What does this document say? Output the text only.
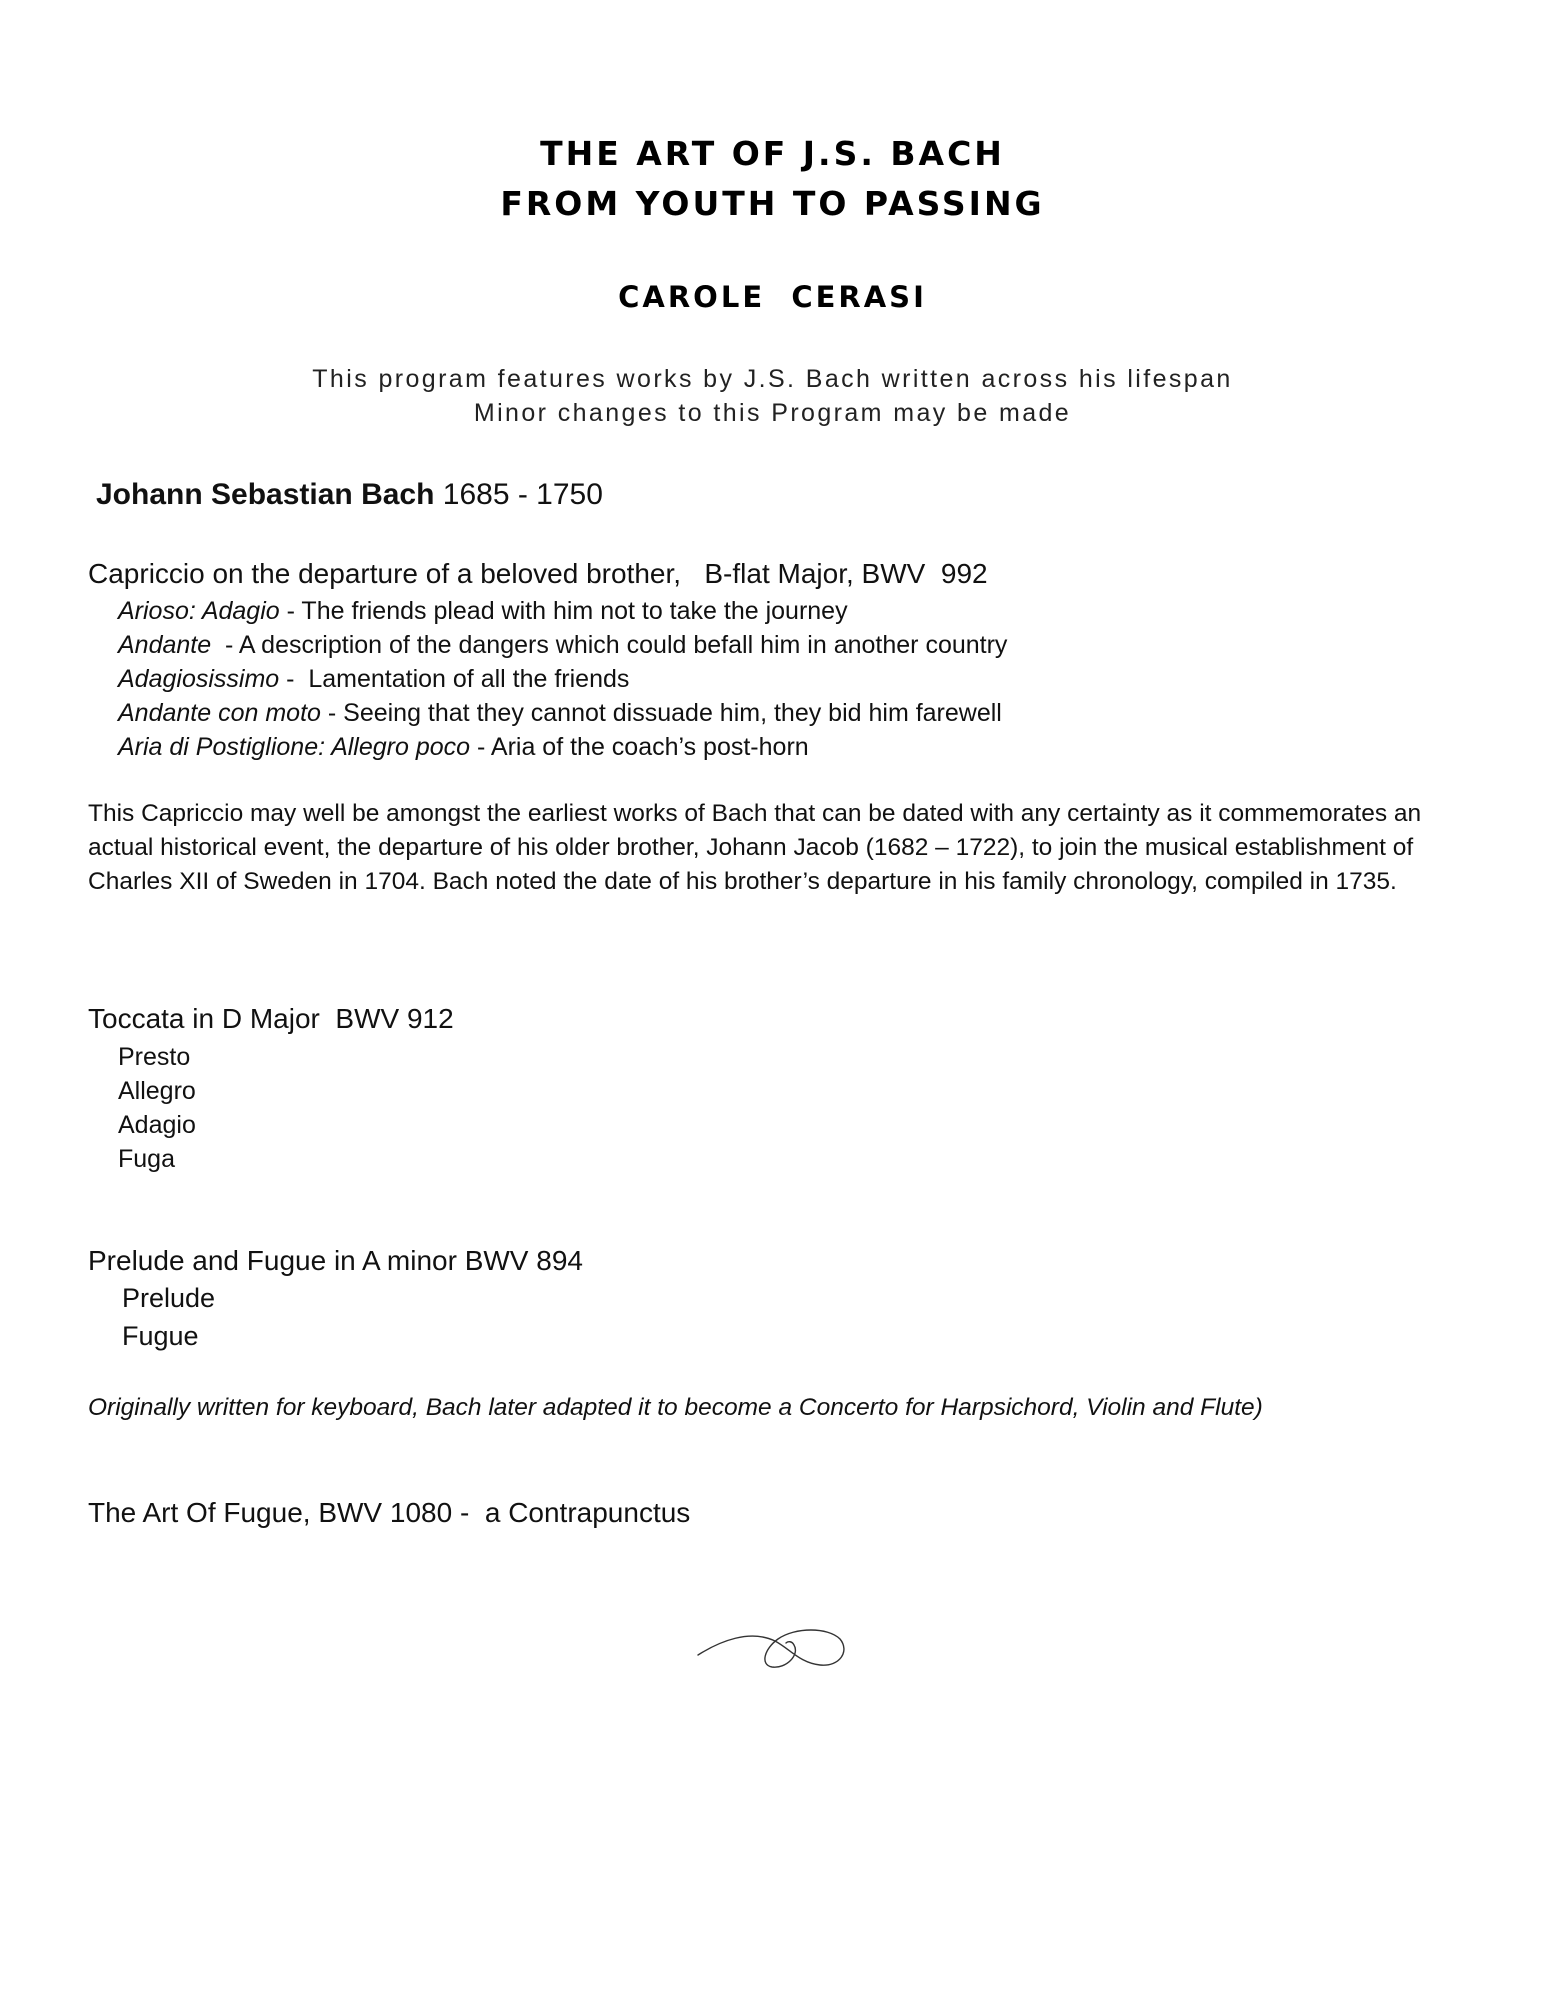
THE ART OF J.S. BACH
FROM YOUTH TO PASSING
CAROLE  CERASI
This program features works by J.S. Bach written across his lifespan
Minor changes to this Program may be made
Johann Sebastian Bach 1685 - 1750
Capriccio on the departure of a beloved brother,   B-flat Major, BWV  992
Arioso: Adagio - The friends plead with him not to take the journey
Andante  - A description of the dangers which could befall him in another country
Adagiosissimo -  Lamentation of all the friends
Andante con moto - Seeing that they cannot dissuade him, they bid him farewell
Aria di Postiglione: Allegro poco - Aria of the coach’s post-horn
This Capriccio may well be amongst the earliest works of Bach that can be dated with any certainty as it commemorates an actual historical event, the departure of his older brother, Johann Jacob (1682 – 1722), to join the musical establishment of Charles XII of Sweden in 1704. Bach noted the date of his brother’s departure in his family chronology, compiled in 1735.
Toccata in D Major  BWV 912
Presto
Allegro
Adagio
Fuga
Prelude and Fugue in A minor BWV 894
Prelude
Fugue
Originally written for keyboard, Bach later adapted it to become a Concerto for Harpsichord, Violin and Flute)
The Art Of Fugue, BWV 1080 -  a Contrapunctus
